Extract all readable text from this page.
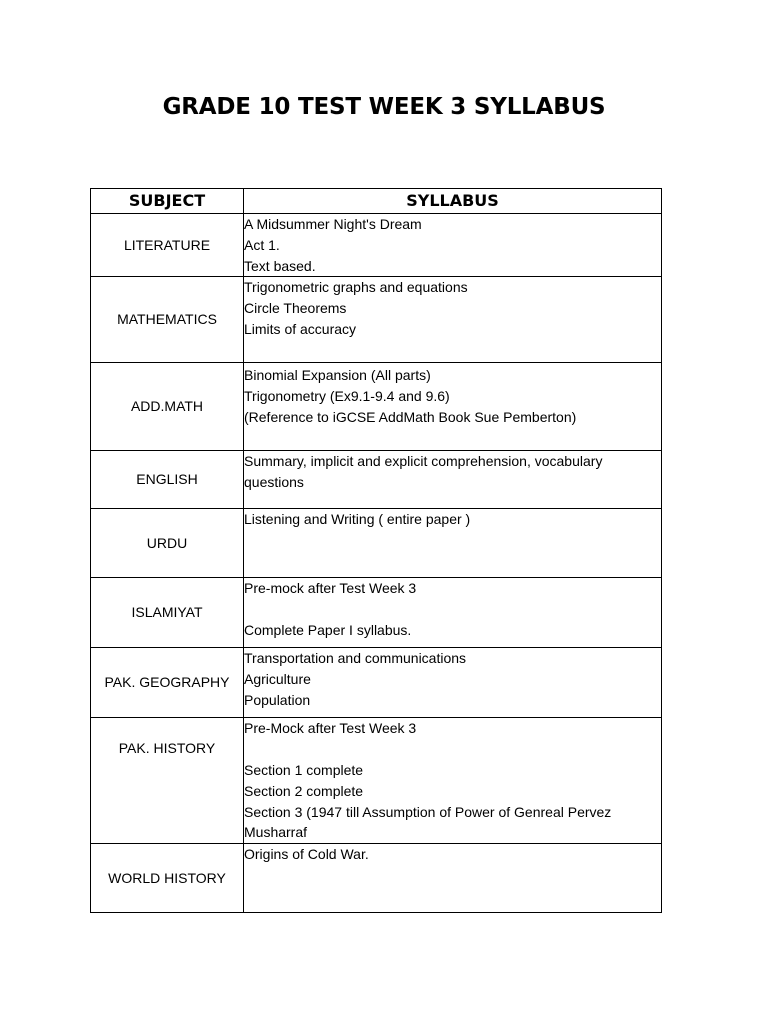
GRADE 10 TEST WEEK 3 SYLLABUS
SUBJECT	SYLLABUS
LITERATURE	A Midsummer Night's Dream
Act 1.
Text based.

MATHEMATICS	Trigonometric graphs and equations
Circle Theorems
Limits of accuracy

ADD.MATH	Binomial Expansion (All parts)
Trigonometry (Ex9.1-9.4 and 9.6)
(Reference to iGCSE AddMath Book Sue Pemberton)

ENGLISH	Summary, implicit and explicit comprehension, vocabulary questions

URDU	Listening and Writing ( entire paper )

ISLAMIYAT	Pre-mock after Test Week 3
Complete Paper I syllabus.

PAK. GEOGRAPHY	Transportation and communications
Agriculture
Population

PAK. HISTORY	Pre-Mock after Test Week 3
Section 1 complete
Section 2 complete
Section 3 (1947 till Assumption of Power of Genreal Pervez Musharraf

WORLD HISTORY	Origins of Cold War.
